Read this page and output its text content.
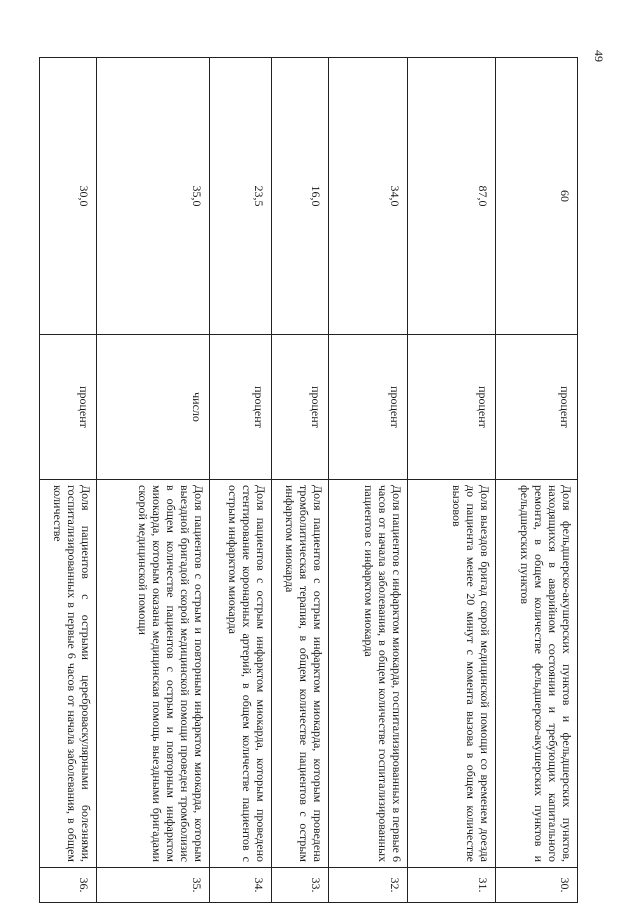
49
60	процент	Доля фельдшерско-акушерских пунктов и фельдшерских пунктов, находящихся в аварийном состоянии и требующих капитального ремонта, в общем количестве фельдшерско-акушерских пунктов и фельдшерских пунктов	30.
87,0	процент	Доля выездов бригад скорой медицинской помощи со временем доезда до пациента менее 20 минут с момента вызова в общем количестве вызовов	31.
34,0	процент	Доля пациентов с инфарктом миокарда, госпитализированных в первые 6 часов от начала заболевания, в общем количестве госпитализированных пациентов с инфарктом миокарда	32.
16,0	процент	Доля пациентов с острым инфарктом миокарда, которым проведена тромболитическая терапия, в общем количестве пациентов с острым инфарктом миокарда	33.
23,5	процент	Доля пациентов с острым инфарктом миокарда, которым проведено стентирование коронарных артерий, в общем количестве пациентов с острым инфарктом миокарда	34.
35,0	число	Доля пациентов с острым и повторным инфарктом миокарда, которым выездной бригадой скорой медицинской помощи проведен тромболизис в общем количестве пациентов с острым и повторным инфарктом миокарда, которым оказана медицинская помощь выездными бригадами скорой медицинской помощи	35.
30,0	процент	Доля пациентов с острыми цереброваскулярными болезнями, госпитализированных в первые 6 часов от начала заболевания, в общем количестве	36.
